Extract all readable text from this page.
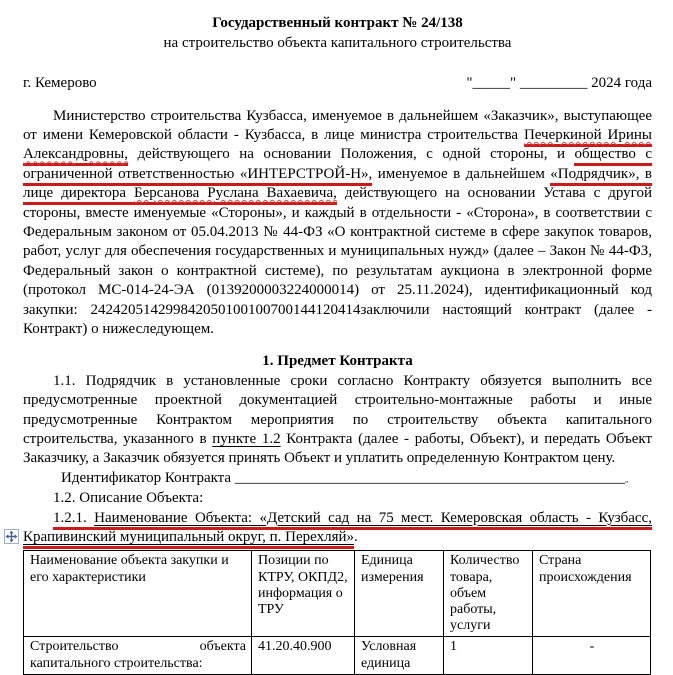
Государственный контракт № 24/138
на строительство объекта капитального строительства
г. Кемерово	"_____" _________ 2024 года

Министерство строительства Кузбасса, именуемое в дальнейшем «Заказчик», выступающее от имени Кемеровской области - Кузбасса, в лице министра строительства Печеркиной Ирины Александровны, действующего на основании Положения, с одной стороны, и общество с ограниченной ответственностью «ИНТЕРСТРОЙ-Н», именуемое в дальнейшем «Подрядчик», в лице директора Берсанова Руслана Вахаевича, действующего на основании Устава с другой стороны, вместе именуемые «Стороны», и каждый в отдельности - «Сторона», в соответствии с Федеральным законом от 05.04.2013 № 44-ФЗ «О контрактной системе в сфере закупок товаров, работ, услуг для обеспечения государственных и муниципальных нужд» (далее – Закон № 44-ФЗ, Федеральный закон о контрактной системе), по результатам аукциона в электронной форме (протокол МС-014-24-ЭА (0139200003224000014) от 25.11.2024), идентификационный код закупки: 242420514299842050100100700144120414заключили настоящий контракт (далее - Контракт) о нижеследующем.

1. Предмет Контракта

1.1. Подрядчик в установленные сроки согласно Контракту обязуется выполнить все предусмотренные проектной документацией строительно-монтажные работы и иные предусмотренные Контрактом мероприятия по строительству объекта капитального строительства, указанного в пункте 1.2 Контракта (далее - работы, Объект), и передать Объект Заказчику, а Заказчик обязуется принять Объект и уплатить определенную Контрактом цену.

Идентификатор Контракта ____________________________________________________„

1.2. Описание Объекта:

1.2.1. Наименование Объекта: «Детский сад на 75 мест. Кемеровская область - Кузбасс, Крапивинский муниципальный округ, п. Перехляй».

Наименование объекта закупки и его характеристики	Позиции по КТРУ, ОКПД2, информация о ТРУ	Единица измерения	Количество товара, объем работы, услуги	Страна происхождения
Строительство объекта капитального строительства:	41.20.40.900	Условная единица	1	-
